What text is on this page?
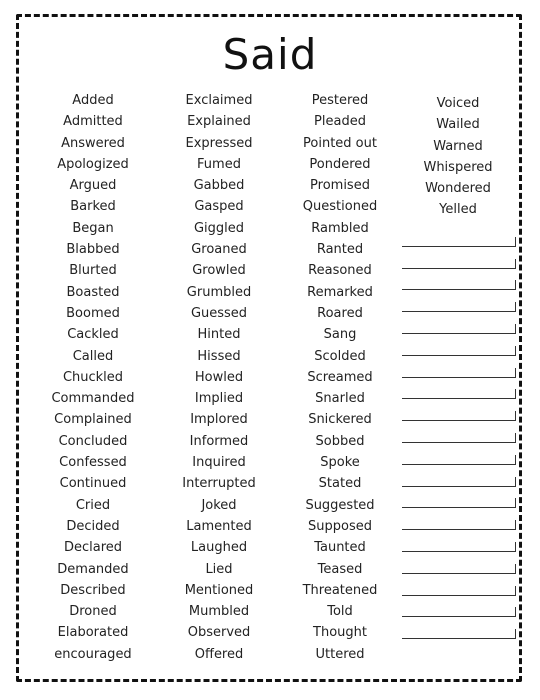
Said
Added
Admitted
Answered
Apologized
Argued
Barked
Began
Blabbed
Blurted
Boasted
Boomed
Cackled
Called
Chuckled
Commanded
Complained
Concluded
Confessed
Continued
Cried
Decided
Declared
Demanded
Described
Droned
Elaborated
encouraged
Exclaimed
Explained
Expressed
Fumed
Gabbed
Gasped
Giggled
Groaned
Growled
Grumbled
Guessed
Hinted
Hissed
Howled
Implied
Implored
Informed
Inquired
Interrupted
Joked
Lamented
Laughed
Lied
Mentioned
Mumbled
Observed
Offered
Pestered
Pleaded
Pointed out
Pondered
Promised
Questioned
Rambled
Ranted
Reasoned
Remarked
Roared
Sang
Scolded
Screamed
Snarled
Snickered
Sobbed
Spoke
Stated
Suggested
Supposed
Taunted
Teased
Threatened
Told
Thought
Uttered
Voiced
Wailed
Warned
Whispered
Wondered
Yelled
